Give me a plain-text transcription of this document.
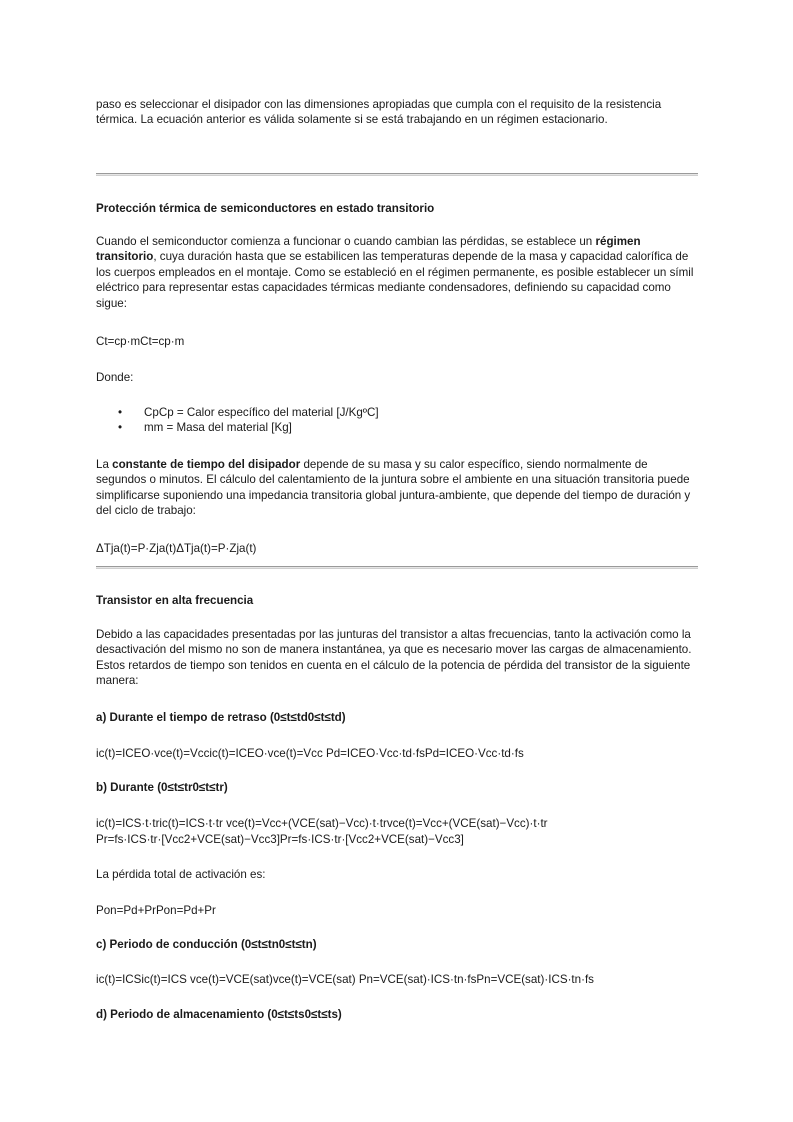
paso es seleccionar el disipador con las dimensiones apropiadas que cumpla con el requisito de la resistencia térmica. La ecuación anterior es válida solamente si se está trabajando en un régimen estacionario.

Protección térmica de semiconductores en estado transitorio

Cuando el semiconductor comienza a funcionar o cuando cambian las pérdidas, se establece un régimen transitorio, cuya duración hasta que se estabilicen las temperaturas depende de la masa y capacidad calorífica de los cuerpos empleados en el montaje. Como se estableció en el régimen permanente, es posible establecer un símil eléctrico para representar estas capacidades térmicas mediante condensadores, definiendo su capacidad como sigue:

Ct=cp·mCt=cp·m

Donde:

• CpCp = Calor específico del material [J/KgºC]
• mm = Masa del material [Kg]

La constante de tiempo del disipador depende de su masa y su calor específico, siendo normalmente de segundos o minutos. El cálculo del calentamiento de la juntura sobre el ambiente en una situación transitoria puede simplificarse suponiendo una impedancia transitoria global juntura-ambiente, que depende del tiempo de duración y del ciclo de trabajo:

ΔTja(t)=P·Zja(t)ΔTja(t)=P·Zja(t)

Transistor en alta frecuencia

Debido a las capacidades presentadas por las junturas del transistor a altas frecuencias, tanto la activación como la desactivación del mismo no son de manera instantánea, ya que es necesario mover las cargas de almacenamiento. Estos retardos de tiempo son tenidos en cuenta en el cálculo de la potencia de pérdida del transistor de la siguiente manera:

a) Durante el tiempo de retraso (0≤t≤td0≤t≤td)

ic(t)=ICEO·vce(t)=Vccic(t)=ICEO·vce(t)=Vcc Pd=ICEO·Vcc·td·fsPd=ICEO·Vcc·td·fs

b) Durante (0≤t≤tr0≤t≤tr)

ic(t)=ICS·t·tric(t)=ICS·t·tr vce(t)=Vcc+(VCE(sat)−Vcc)·t·trvce(t)=Vcc+(VCE(sat)−Vcc)·t·tr

Pr=fs·ICS·tr·[Vcc2+VCE(sat)−Vcc3]Pr=fs·ICS·tr·[Vcc2+VCE(sat)−Vcc3]

La pérdida total de activación es:

Pon=Pd+PrPon=Pd+Pr

c) Periodo de conducción (0≤t≤tn0≤t≤tn)

ic(t)=ICSic(t)=ICS vce(t)=VCE(sat)vce(t)=VCE(sat) Pn=VCE(sat)·ICS·tn·fsPn=VCE(sat)·ICS·tn·fs

d) Periodo de almacenamiento (0≤t≤ts0≤t≤ts)
